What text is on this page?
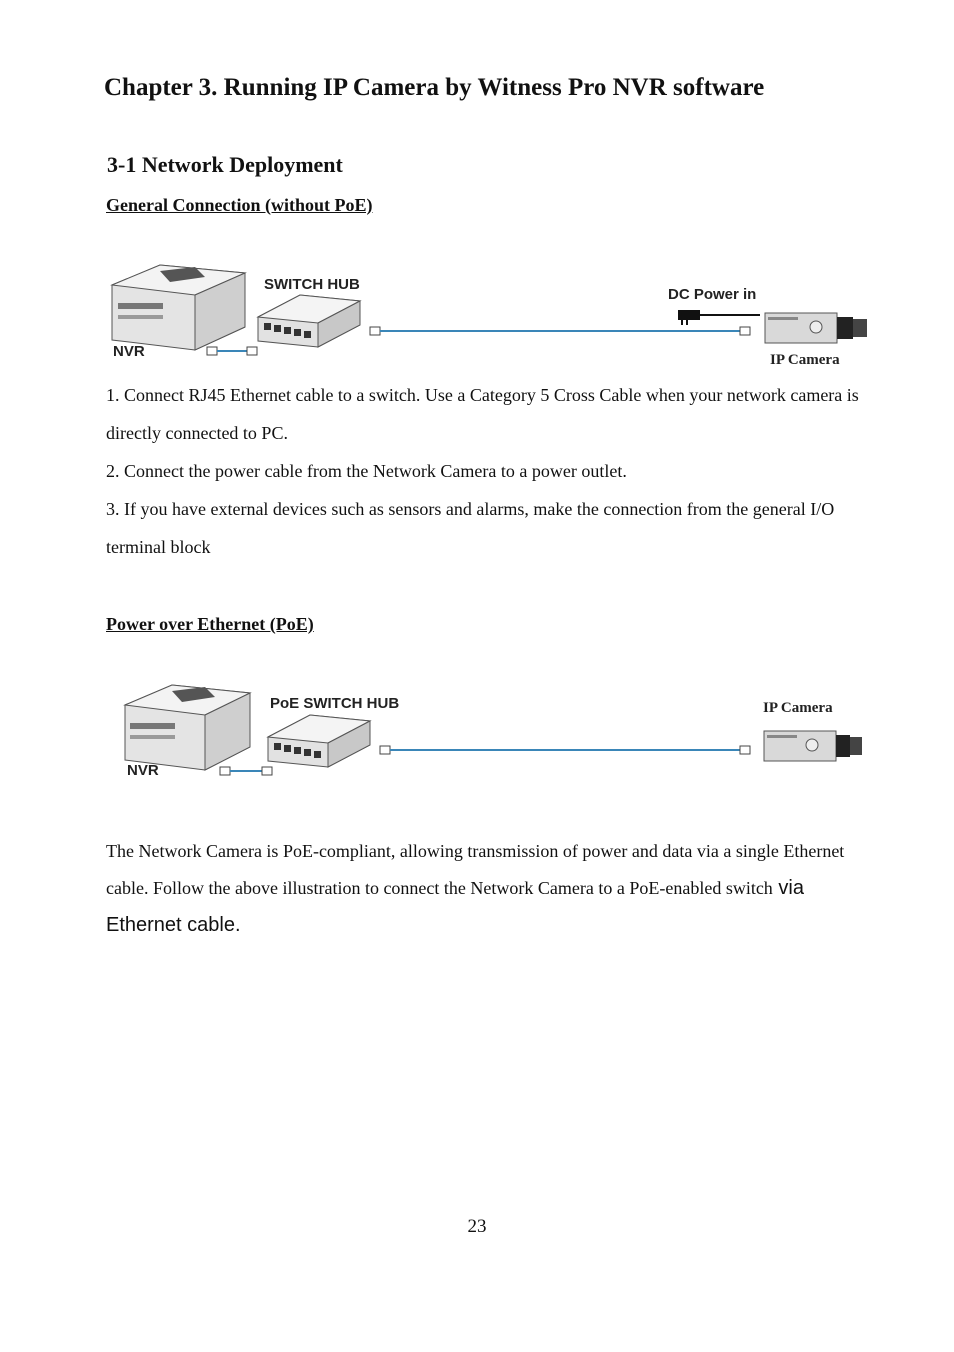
Chapter 3. Running IP Camera by Witness Pro NVR software
3-1 Network Deployment
General Connection (without PoE)
NVR
SWITCH HUB
DC Power in
IP Camera

1. Connect RJ45 Ethernet cable to a switch. Use a Category 5 Cross Cable when your network camera is directly connected to PC.

2. Connect the power cable from the Network Camera to a power outlet.

3. If you have external devices such as sensors and alarms, make the connection from the general I/O terminal block

Power over Ethernet (PoE)
NVR
PoE SWITCH HUB	IP Camera
The Network Camera is PoE-compliant, allowing transmission of power and data via a single Ethernet cable. Follow the above illustration to connect the Network Camera to a PoE-enabled switch via Ethernet cable.
23
